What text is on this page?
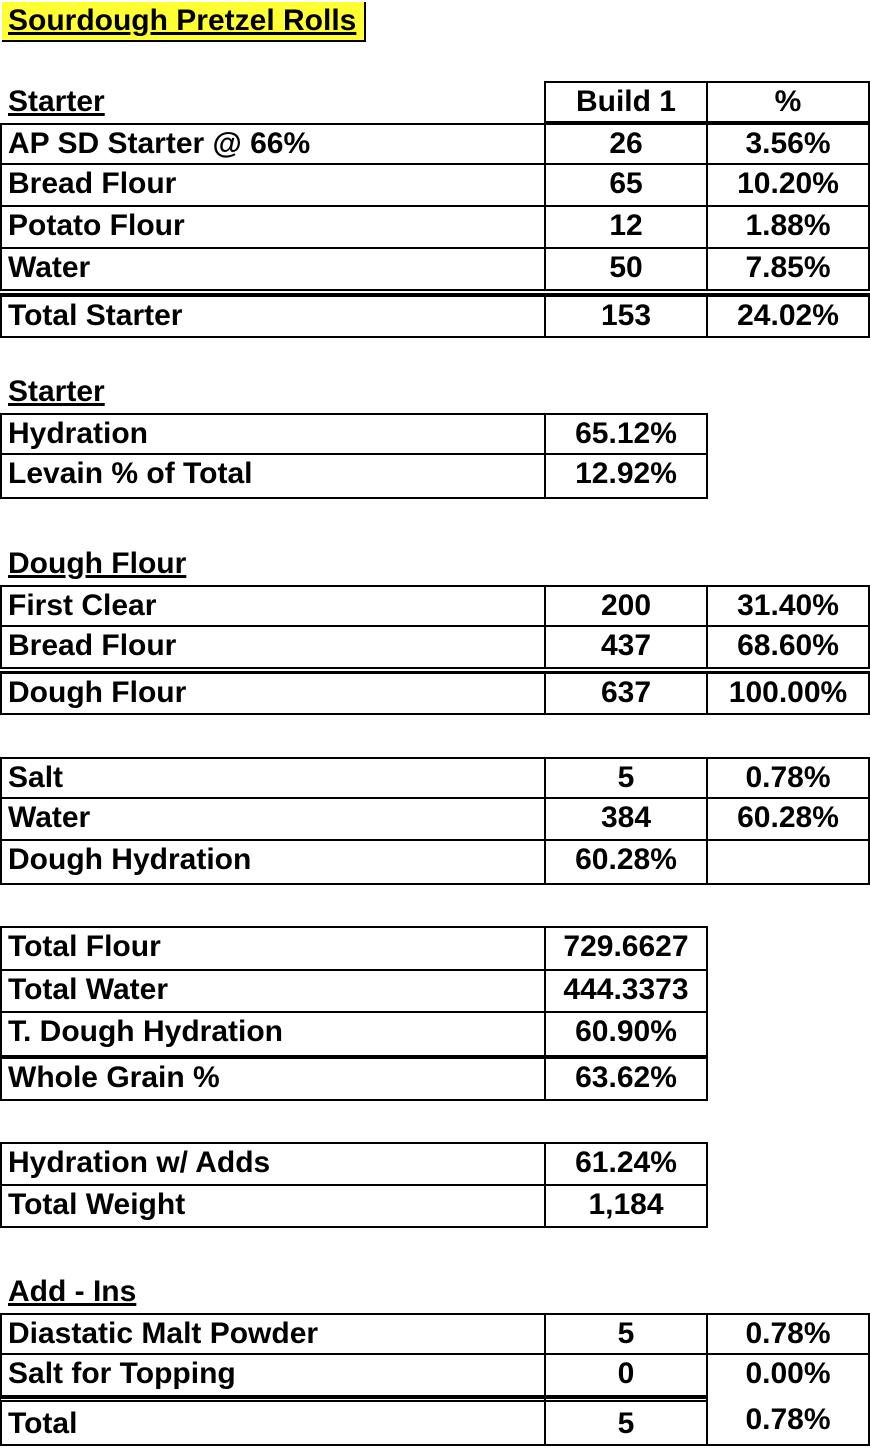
Sourdough Pretzel Rolls
Starter	Build 1	%
AP SD Starter @ 66%	26	3.56%
Bread Flour	65	10.20%
Potato Flour	12	1.88%
Water	50	7.85%
Total Starter	153	24.02%
Starter
Hydration	65.12%
Levain % of Total	12.92%
Dough Flour
First Clear	200	31.40%
Bread Flour	437	68.60%
Dough Flour	637	100.00%
Salt	5	0.78%
Water	384	60.28%
Dough Hydration	60.28%
Total Flour	729.6627
Total Water	444.3373
T. Dough Hydration	60.90%
Whole Grain %	63.62%
Hydration w/ Adds	61.24%
Total Weight	1,184
Add - Ins
Diastatic Malt Powder	5	0.78%
Salt for Topping	0	0.00%
Total	5	0.78%
